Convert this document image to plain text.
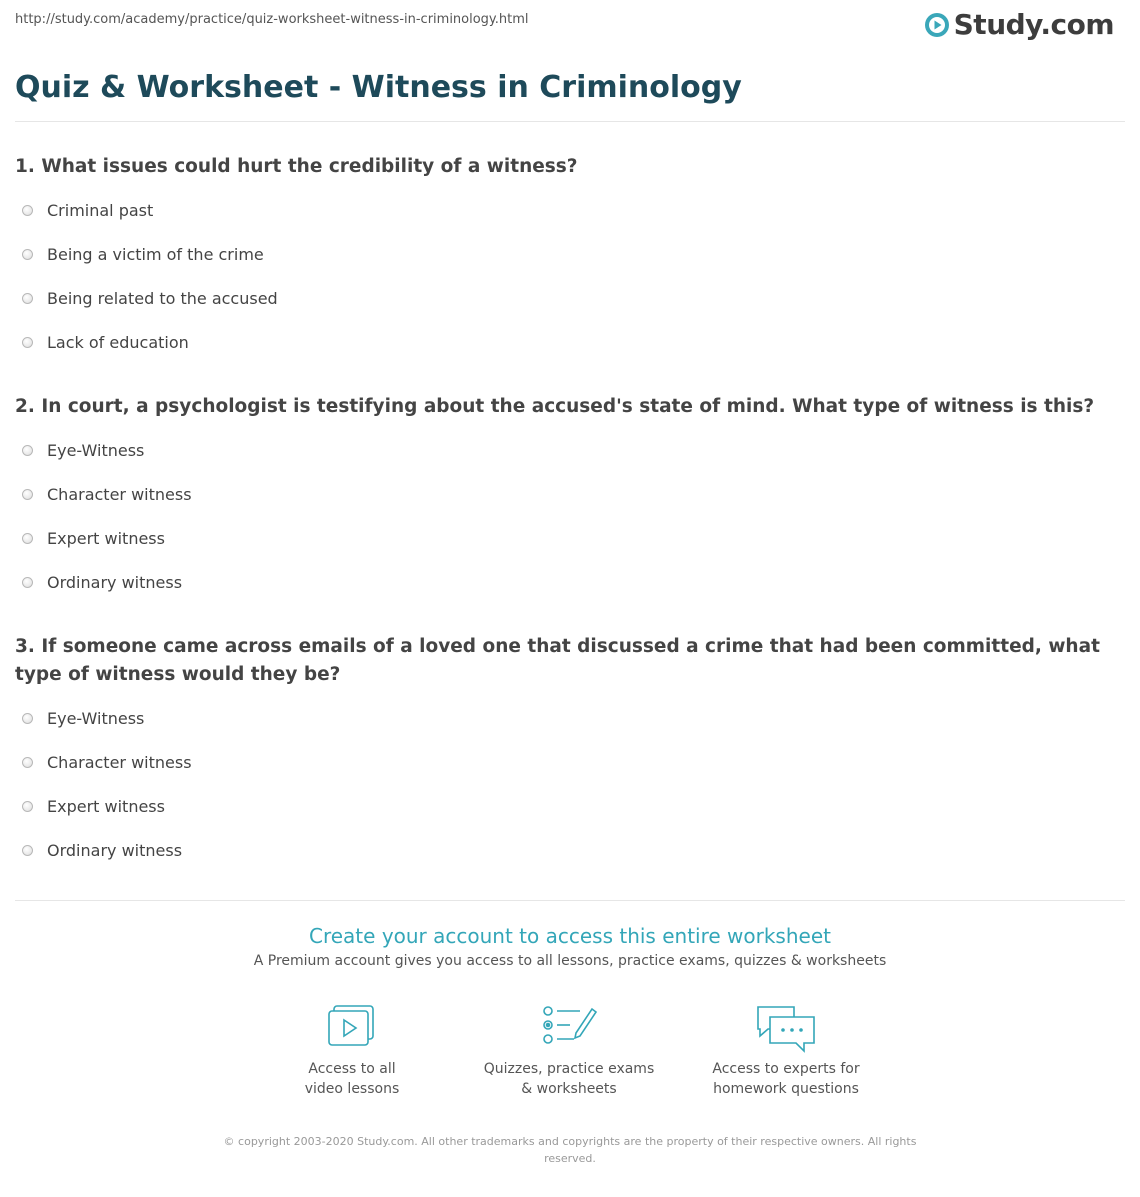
http://study.com/academy/practice/quiz-worksheet-witness-in-criminology.html	Study.com
Quiz & Worksheet - Witness in Criminology
1. What issues could hurt the credibility of a witness?
Criminal past
Being a victim of the crime
Being related to the accused
Lack of education
2. In court, a psychologist is testifying about the accused's state of mind. What type of witness is this?
Eye-Witness
Character witness
Expert witness
Ordinary witness
3. If someone came across emails of a loved one that discussed a crime that had been committed, what type of witness would they be?
Eye-Witness
Character witness
Expert witness
Ordinary witness
Create your account to access this entire worksheet
A Premium account gives you access to all lessons, practice exams, quizzes & worksheets
Access to all
video lessons
Quizzes, practice exams
& worksheets
Access to experts for
homework questions
© copyright 2003-2020 Study.com. All other trademarks and copyrights are the property of their respective owners. All rights reserved.
